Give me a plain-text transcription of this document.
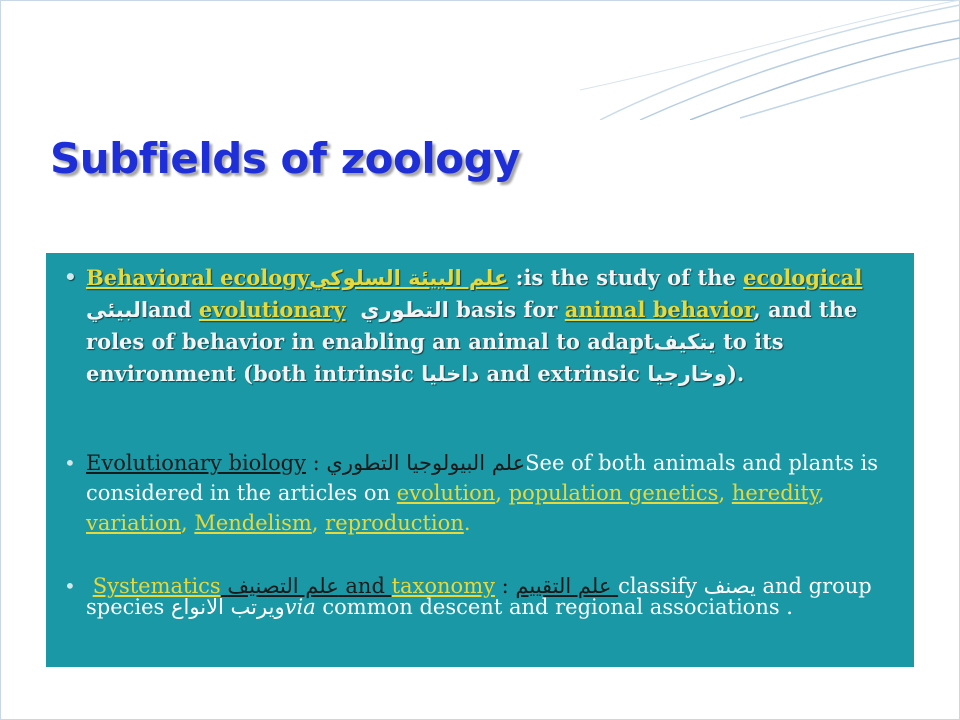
Subfields of zoology
• Behavioral ecologyعلم البيئة السلوكي :is the study of the ecological
البيئيand evolutionary التطوري basis for animal behavior, and the roles of behavior in enabling an animal to adaptيتكيف to its environment (both intrinsic داخليا and extrinsic وخارجيا).
• Evolutionary biology : علم البيولوجيا التطوريSee of both animals and plants is considered in the articles on evolution, population genetics, heredity, variation, Mendelism, reproduction.
• Systematics علم التصنيف and taxonomy : علم التقييم classify يصنف and group species ويرتب الانواعvia common descent and regional associations .
